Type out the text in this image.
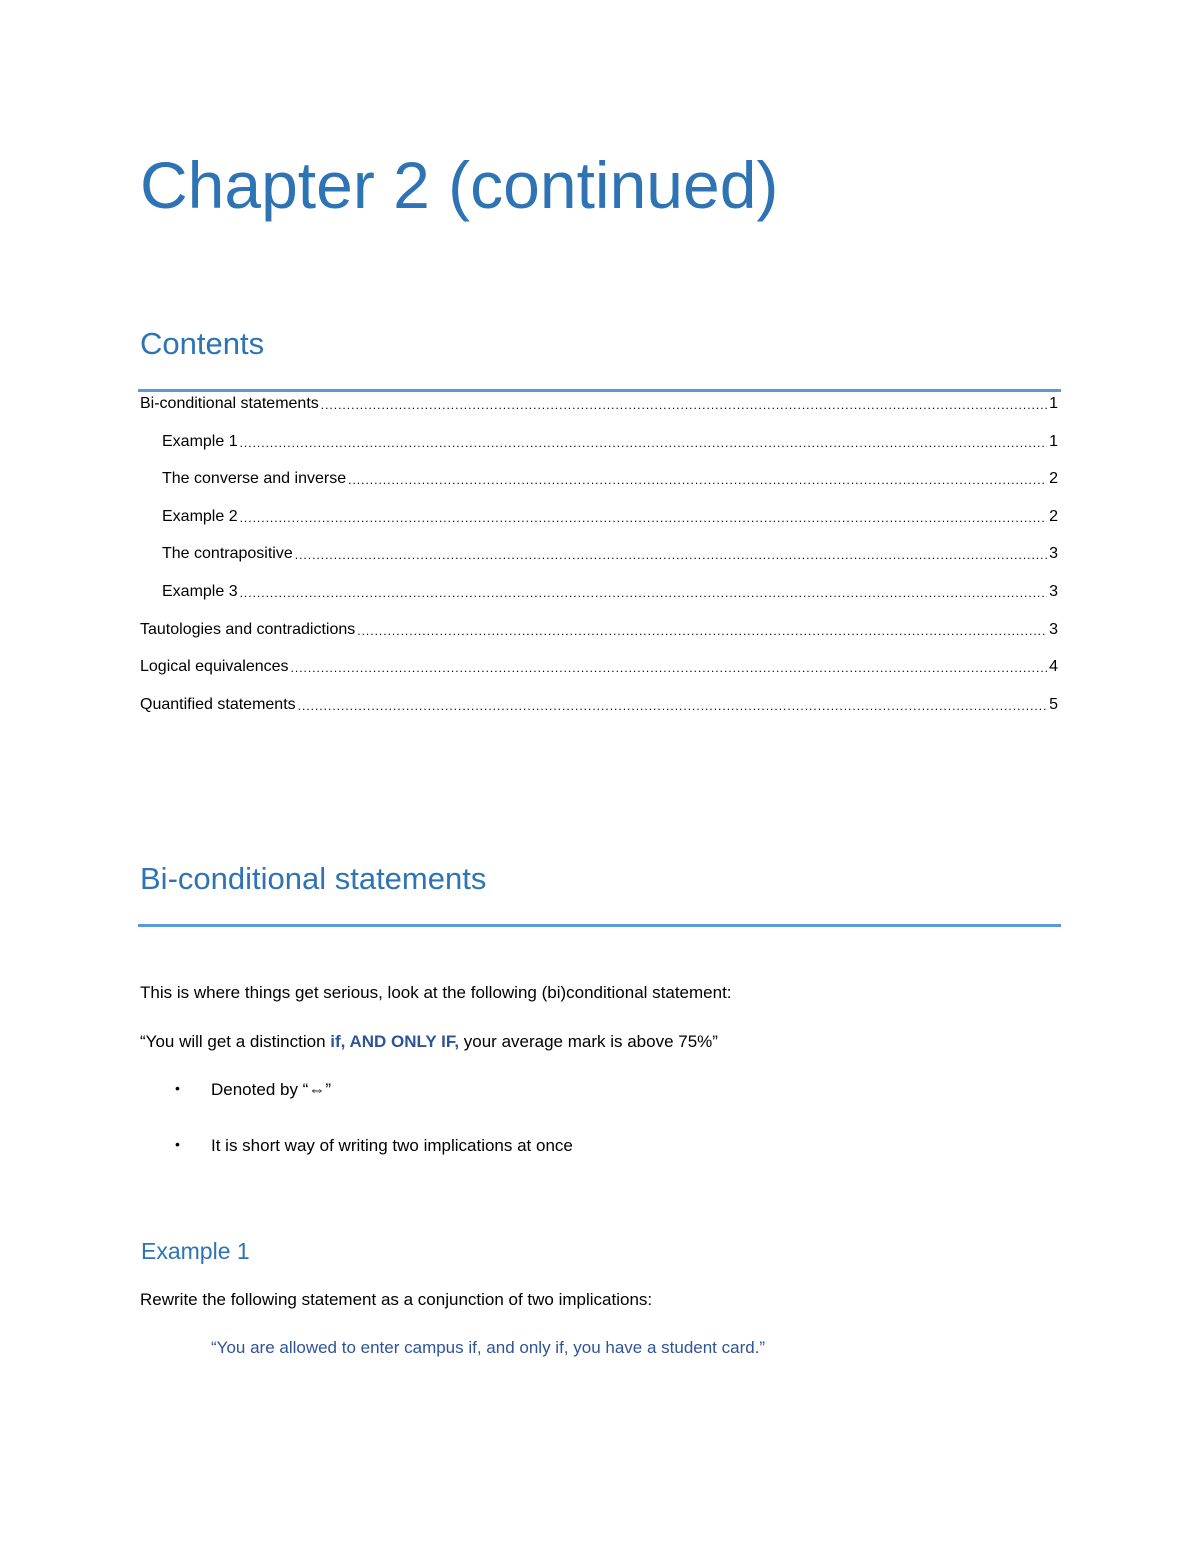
Chapter 2 (continued)
Contents
Bi-conditional statements .....	1
Example 1 .....	1
The converse and inverse .....	2
Example 2 .....	2
The contrapositive .....	3
Example 3 .....	3
Tautologies and contradictions .....	3
Logical equivalences .....	4
Quantified statements .....	5
Bi-conditional statements

This is where things get serious, look at the following (bi)conditional statement:

“You will get a distinction if, AND ONLY IF, your average mark is above 75%”

• Denoted by “⇔”
• It is short way of writing two implications at once
Example 1

Rewrite the following statement as a conjunction of two implications:

“You are allowed to enter campus if, and only if, you have a student card.”
